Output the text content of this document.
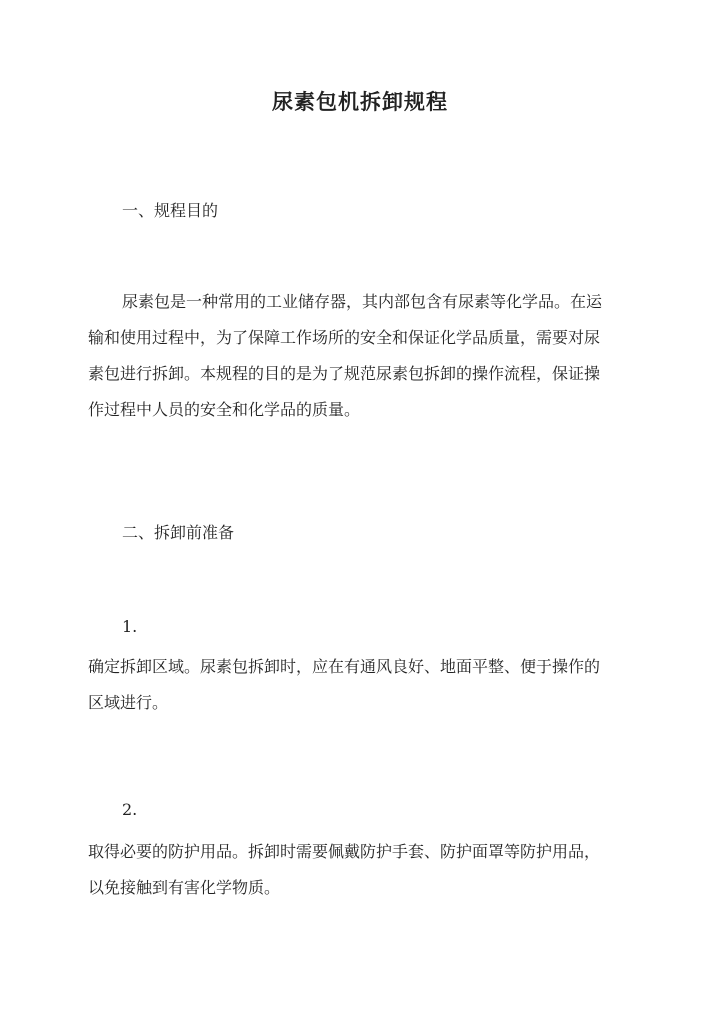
尿素包机拆卸规程

一、规程目的

尿素包是一种常用的工业储存器，其内部包含有尿素等化学品。在运
输和使用过程中，为了保障工作场所的安全和保证化学品质量，需要对尿
素包进行拆卸。本规程的目的是为了规范尿素包拆卸的操作流程，保证操
作过程中人员的安全和化学品的质量。

二、拆卸前准备

1.

确定拆卸区域。尿素包拆卸时，应在有通风良好、地面平整、便于操作的
区域进行。

2.

取得必要的防护用品。拆卸时需要佩戴防护手套、防护面罩等防护用品，
以免接触到有害化学物质。
